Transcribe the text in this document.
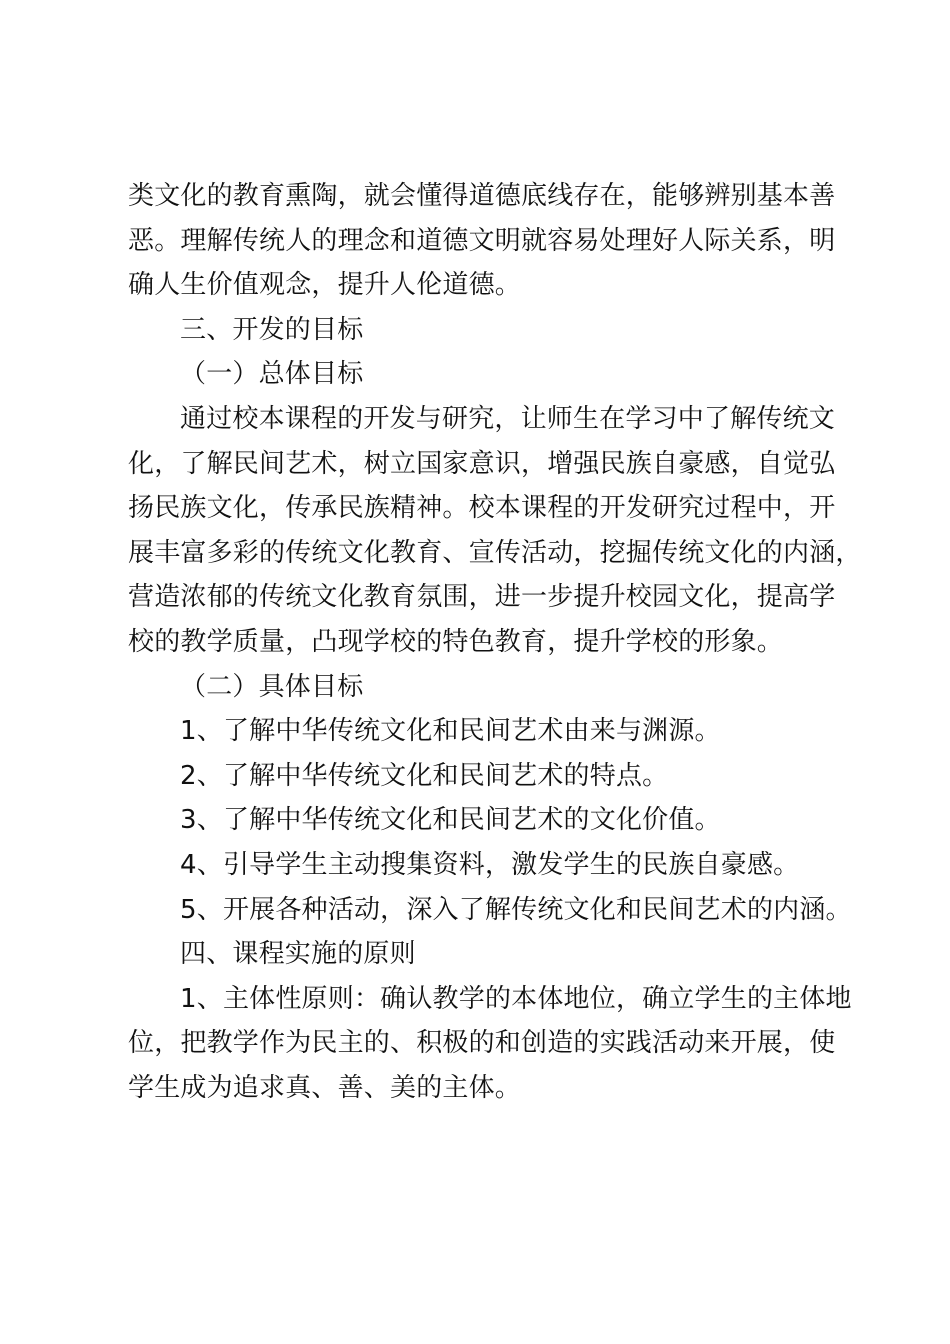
类文化的教育熏陶，就会懂得道德底线存在，能够辨别基本善
恶。理解传统人的理念和道德文明就容易处理好人际关系，明
确人生价值观念，提升人伦道德。
三、开发的目标
（一）总体目标
通过校本课程的开发与研究，让师生在学习中了解传统文
化，了解民间艺术，树立国家意识，增强民族自豪感，自觉弘
扬民族文化，传承民族精神。校本课程的开发研究过程中，开
展丰富多彩的传统文化教育、宣传活动，挖掘传统文化的内涵，
营造浓郁的传统文化教育氛围，进一步提升校园文化，提高学
校的教学质量，凸现学校的特色教育，提升学校的形象。
（二）具体目标
1、了解中华传统文化和民间艺术由来与渊源。
2、了解中华传统文化和民间艺术的特点。
3、了解中华传统文化和民间艺术的文化价值。
4、引导学生主动搜集资料，激发学生的民族自豪感。
5、开展各种活动，深入了解传统文化和民间艺术的内涵。
四、课程实施的原则
1、主体性原则：确认教学的本体地位，确立学生的主体地
位，把教学作为民主的、积极的和创造的实践活动来开展，使
学生成为追求真、善、美的主体。
